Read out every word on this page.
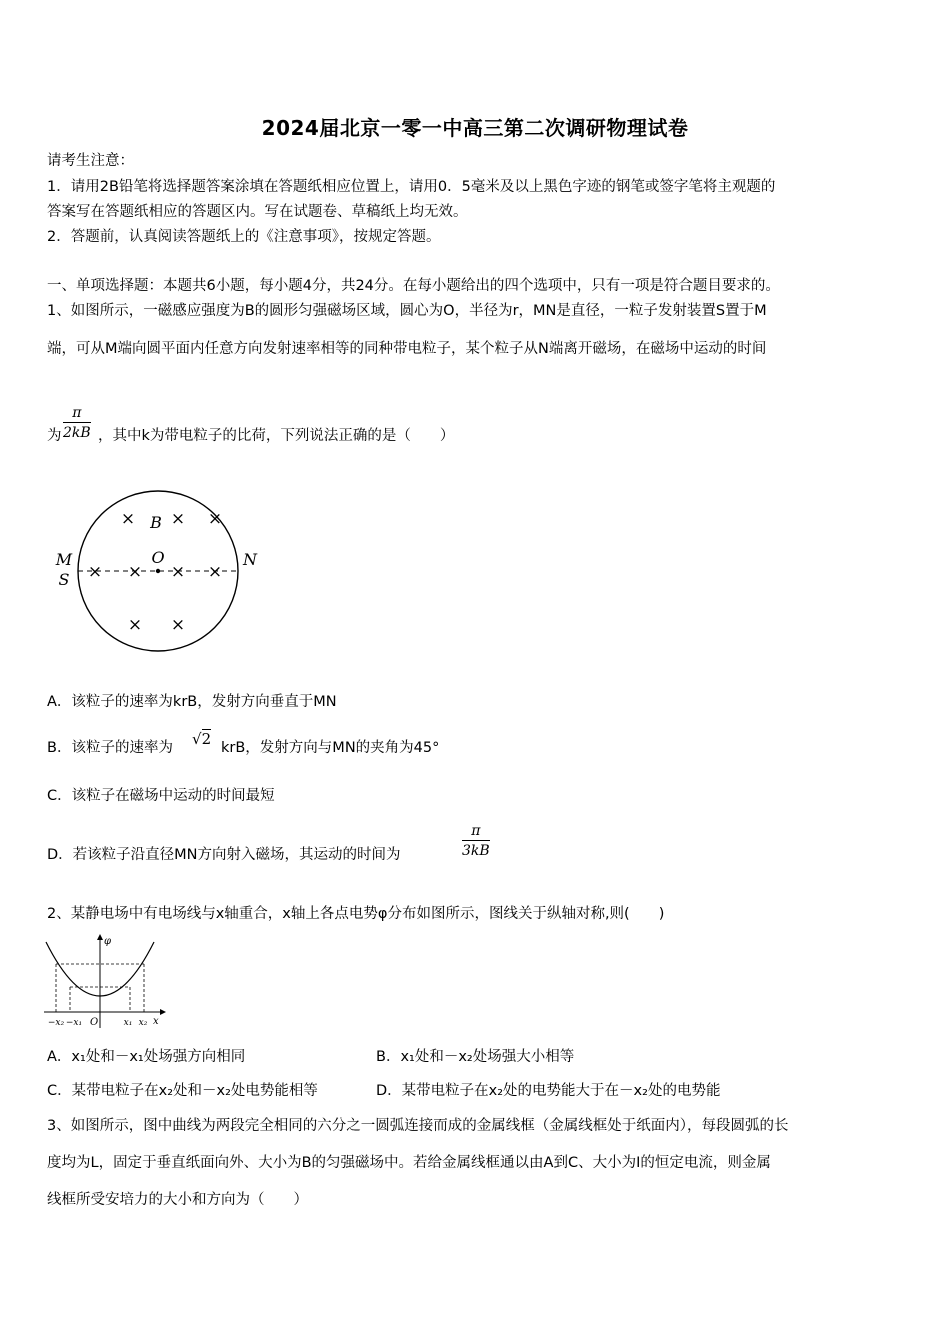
2024届北京一零一中高三第二次调研物理试卷
请考生注意：
1．请用2B铅笔将选择题答案涂填在答题纸相应位置上，请用0．5毫米及以上黑色字迹的钢笔或签字笔将主观题的
答案写在答题纸相应的答题区内。写在试题卷、草稿纸上均无效。
2．答题前，认真阅读答题纸上的《注意事项》，按规定答题。
一、单项选择题：本题共6小题，每小题4分，共24分。在每小题给出的四个选项中，只有一项是符合题目要求的。
1、如图所示，一磁感应强度为B的圆形匀强磁场区域，圆心为O，半径为r，MN是直径，一粒子发射装置S置于M
端，可从M端向圆平面内任意方向发射速率相等的同种带电粒子，某个粒子从N端离开磁场，在磁场中运动的时间
为 $\frac{\pi}{2kB}$ ，其中k为带电粒子的比荷，下列说法正确的是（　　）
× B × ×
O
× × × ×
× ×
M
S
N
A．该粒子的速率为krB，发射方向垂直于MN
B．该粒子的速率为 √2 krB，发射方向与MN的夹角为45°
C．该粒子在磁场中运动的时间最短
D．若该粒子沿直径MN方向射入磁场，其运动的时间为	$\frac{\pi}{3kB}$
2、某静电场中有电场线与x轴重合，x轴上各点电势φ分布如图所示，图线关于纵轴对称,则(　　)
φ
x
O
−x₂ −x₁	x₁ x₂
A．x₁处和－x₁处场强方向相同	B．x₁处和－x₂处场强大小相等
C．某带电粒子在x₂处和－x₂处电势能相等	D．某带电粒子在x₂处的电势能大于在－x₂处的电势能
3、如图所示，图中曲线为两段完全相同的六分之一圆弧连接而成的金属线框（金属线框处于纸面内），每段圆弧的长
度均为L，固定于垂直纸面向外、大小为B的匀强磁场中。若给金属线框通以由A到C、大小为I的恒定电流，则金属
线框所受安培力的大小和方向为（　　）
